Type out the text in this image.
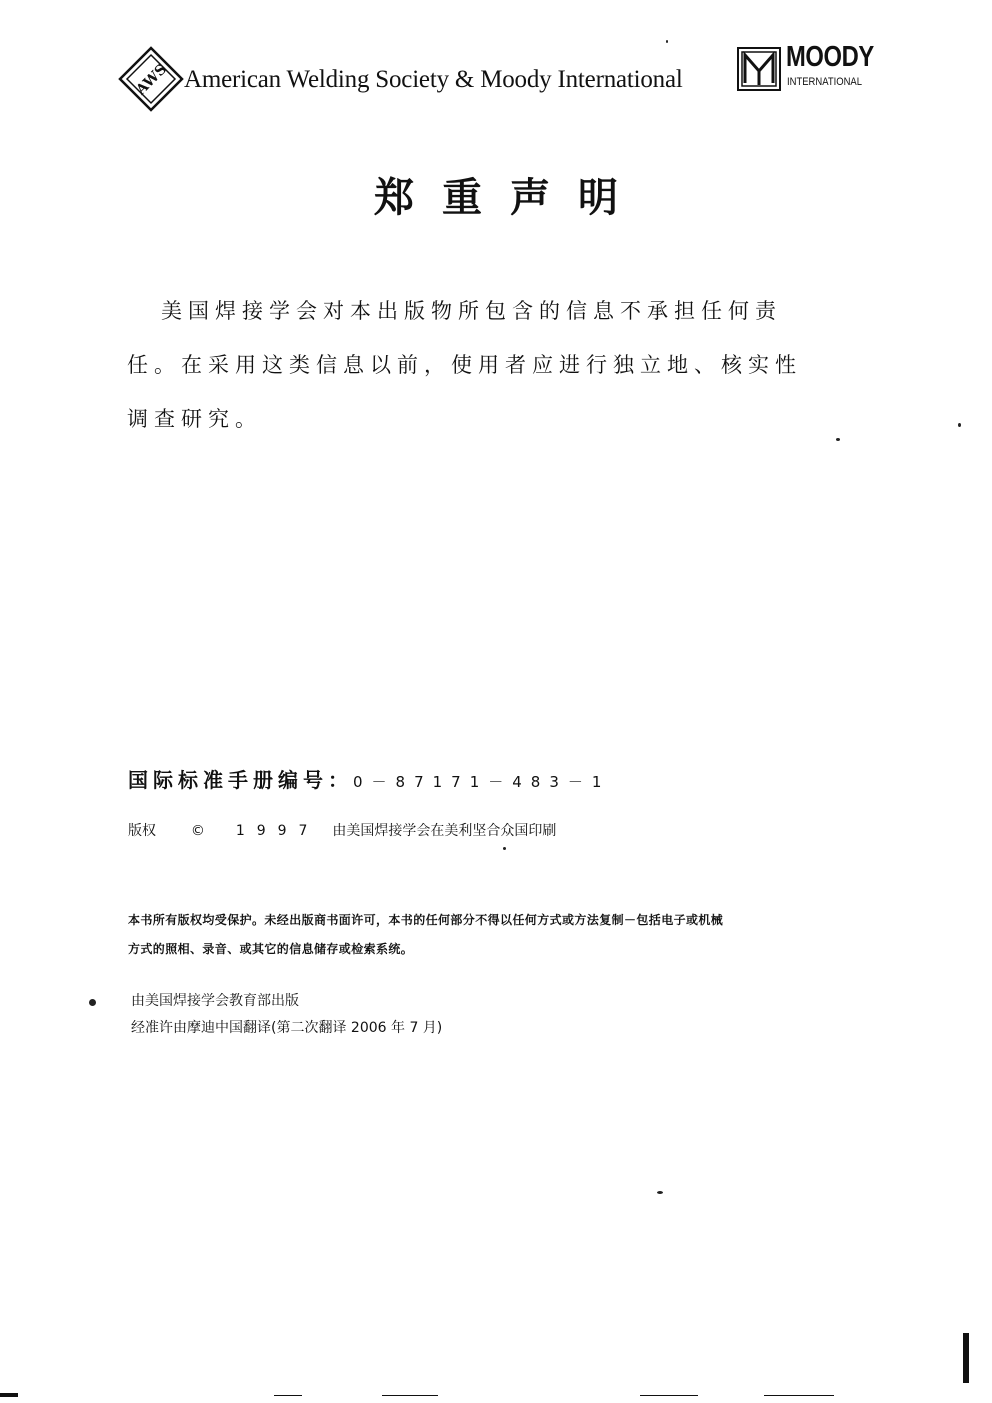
AWS American Welding Society & Moody International
MOODY
INTERNATIONAL
郑重声明
美国焊接学会对本出版物所包含的信息不承担任何责
任。在采用这类信息以前，使用者应进行独立地、核实性
调查研究。
国际标准手册编号：0－87171－483－1
版权 © 1997 由美国焊接学会在美利坚合众国印刷
本书所有版权均受保护。未经出版商书面许可，本书的任何部分不得以任何方式或方法复制－包括电子或机械
方式的照相、录音、或其它的信息储存或检索系统。
由美国焊接学会教育部出版
经准许由摩迪中国翻译(第二次翻译 2006 年 7 月)
